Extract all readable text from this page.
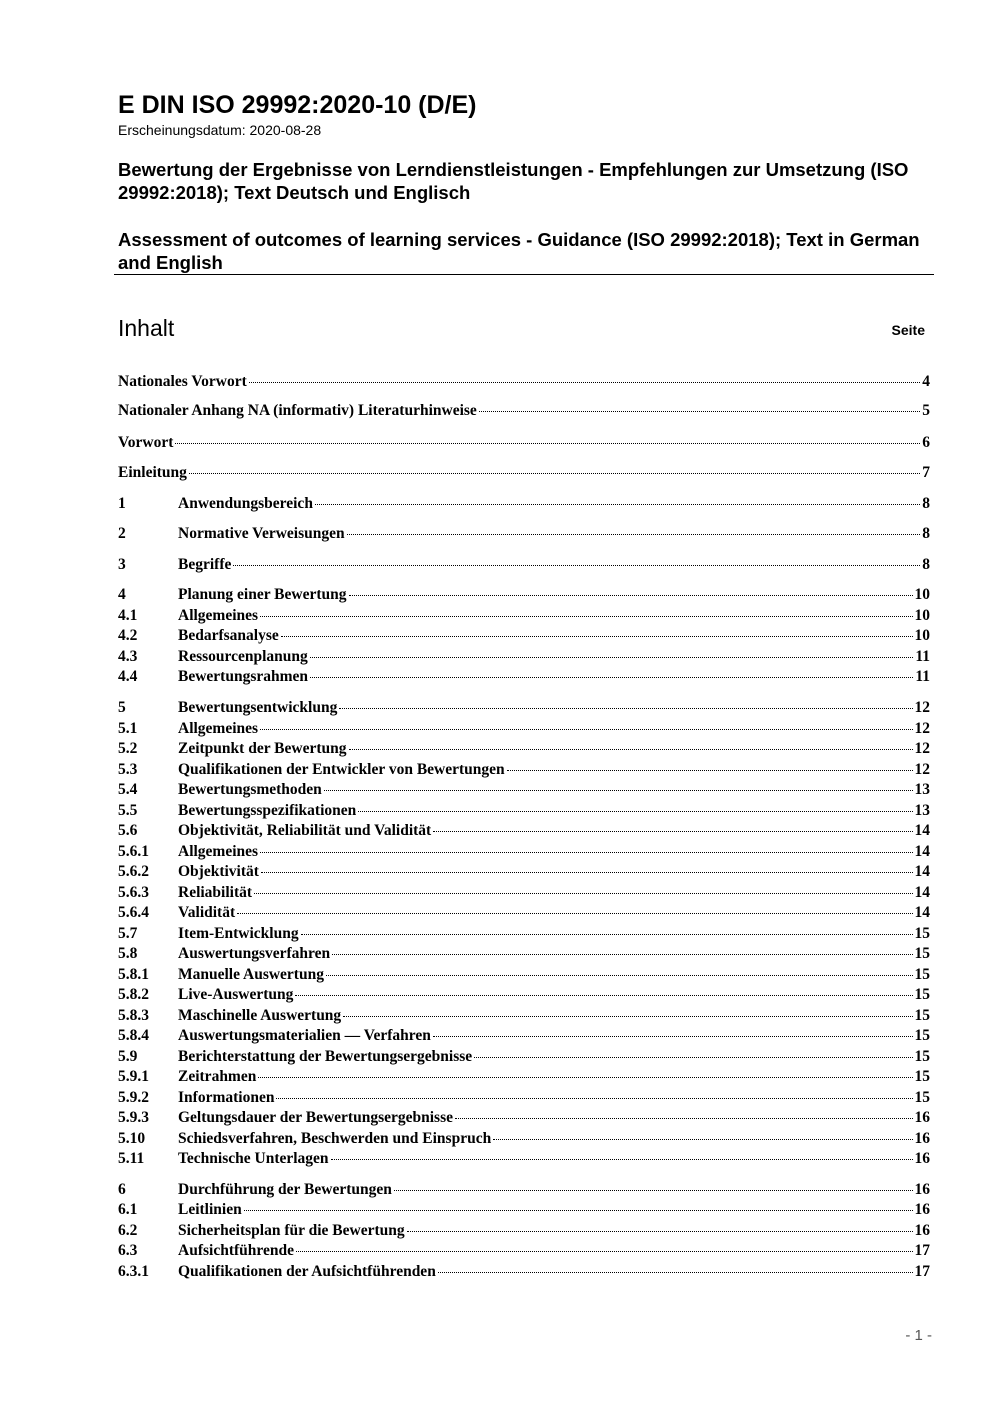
E DIN ISO 29992:2020-10 (D/E)
Erscheinungsdatum: 2020-08-28
Bewertung der Ergebnisse von Lerndienstleistungen - Empfehlungen zur Umsetzung (ISO 29992:2018); Text Deutsch und Englisch
Assessment of outcomes of learning services - Guidance (ISO 29992:2018); Text in German and English
Inhalt	Seite
Nationales Vorwort	4
Nationaler Anhang NA (informativ) Literaturhinweise	5
Vorwort	6
Einleitung	7
1	Anwendungsbereich	8
2	Normative Verweisungen	8
3	Begriffe	8
4	Planung einer Bewertung	10
4.1	Allgemeines	10
4.2	Bedarfsanalyse	10
4.3	Ressourcenplanung	11
4.4	Bewertungsrahmen	11
5	Bewertungsentwicklung	12
5.1	Allgemeines	12
5.2	Zeitpunkt der Bewertung	12
5.3	Qualifikationen der Entwickler von Bewertungen	12
5.4	Bewertungsmethoden	13
5.5	Bewertungsspezifikationen	13
5.6	Objektivität, Reliabilität und Validität	14
5.6.1	Allgemeines	14
5.6.2	Objektivität	14
5.6.3	Reliabilität	14
5.6.4	Validität	14
5.7	Item-Entwicklung	15
5.8	Auswertungsverfahren	15
5.8.1	Manuelle Auswertung	15
5.8.2	Live-Auswertung	15
5.8.3	Maschinelle Auswertung	15
5.8.4	Auswertungsmaterialien — Verfahren	15
5.9	Berichterstattung der Bewertungsergebnisse	15
5.9.1	Zeitrahmen	15
5.9.2	Informationen	15
5.9.3	Geltungsdauer der Bewertungsergebnisse	16
5.10	Schiedsverfahren, Beschwerden und Einspruch	16
5.11	Technische Unterlagen	16
6	Durchführung der Bewertungen	16
6.1	Leitlinien	16
6.2	Sicherheitsplan für die Bewertung	16
6.3	Aufsichtführende	17
6.3.1	Qualifikationen der Aufsichtführenden	17
- 1 -
